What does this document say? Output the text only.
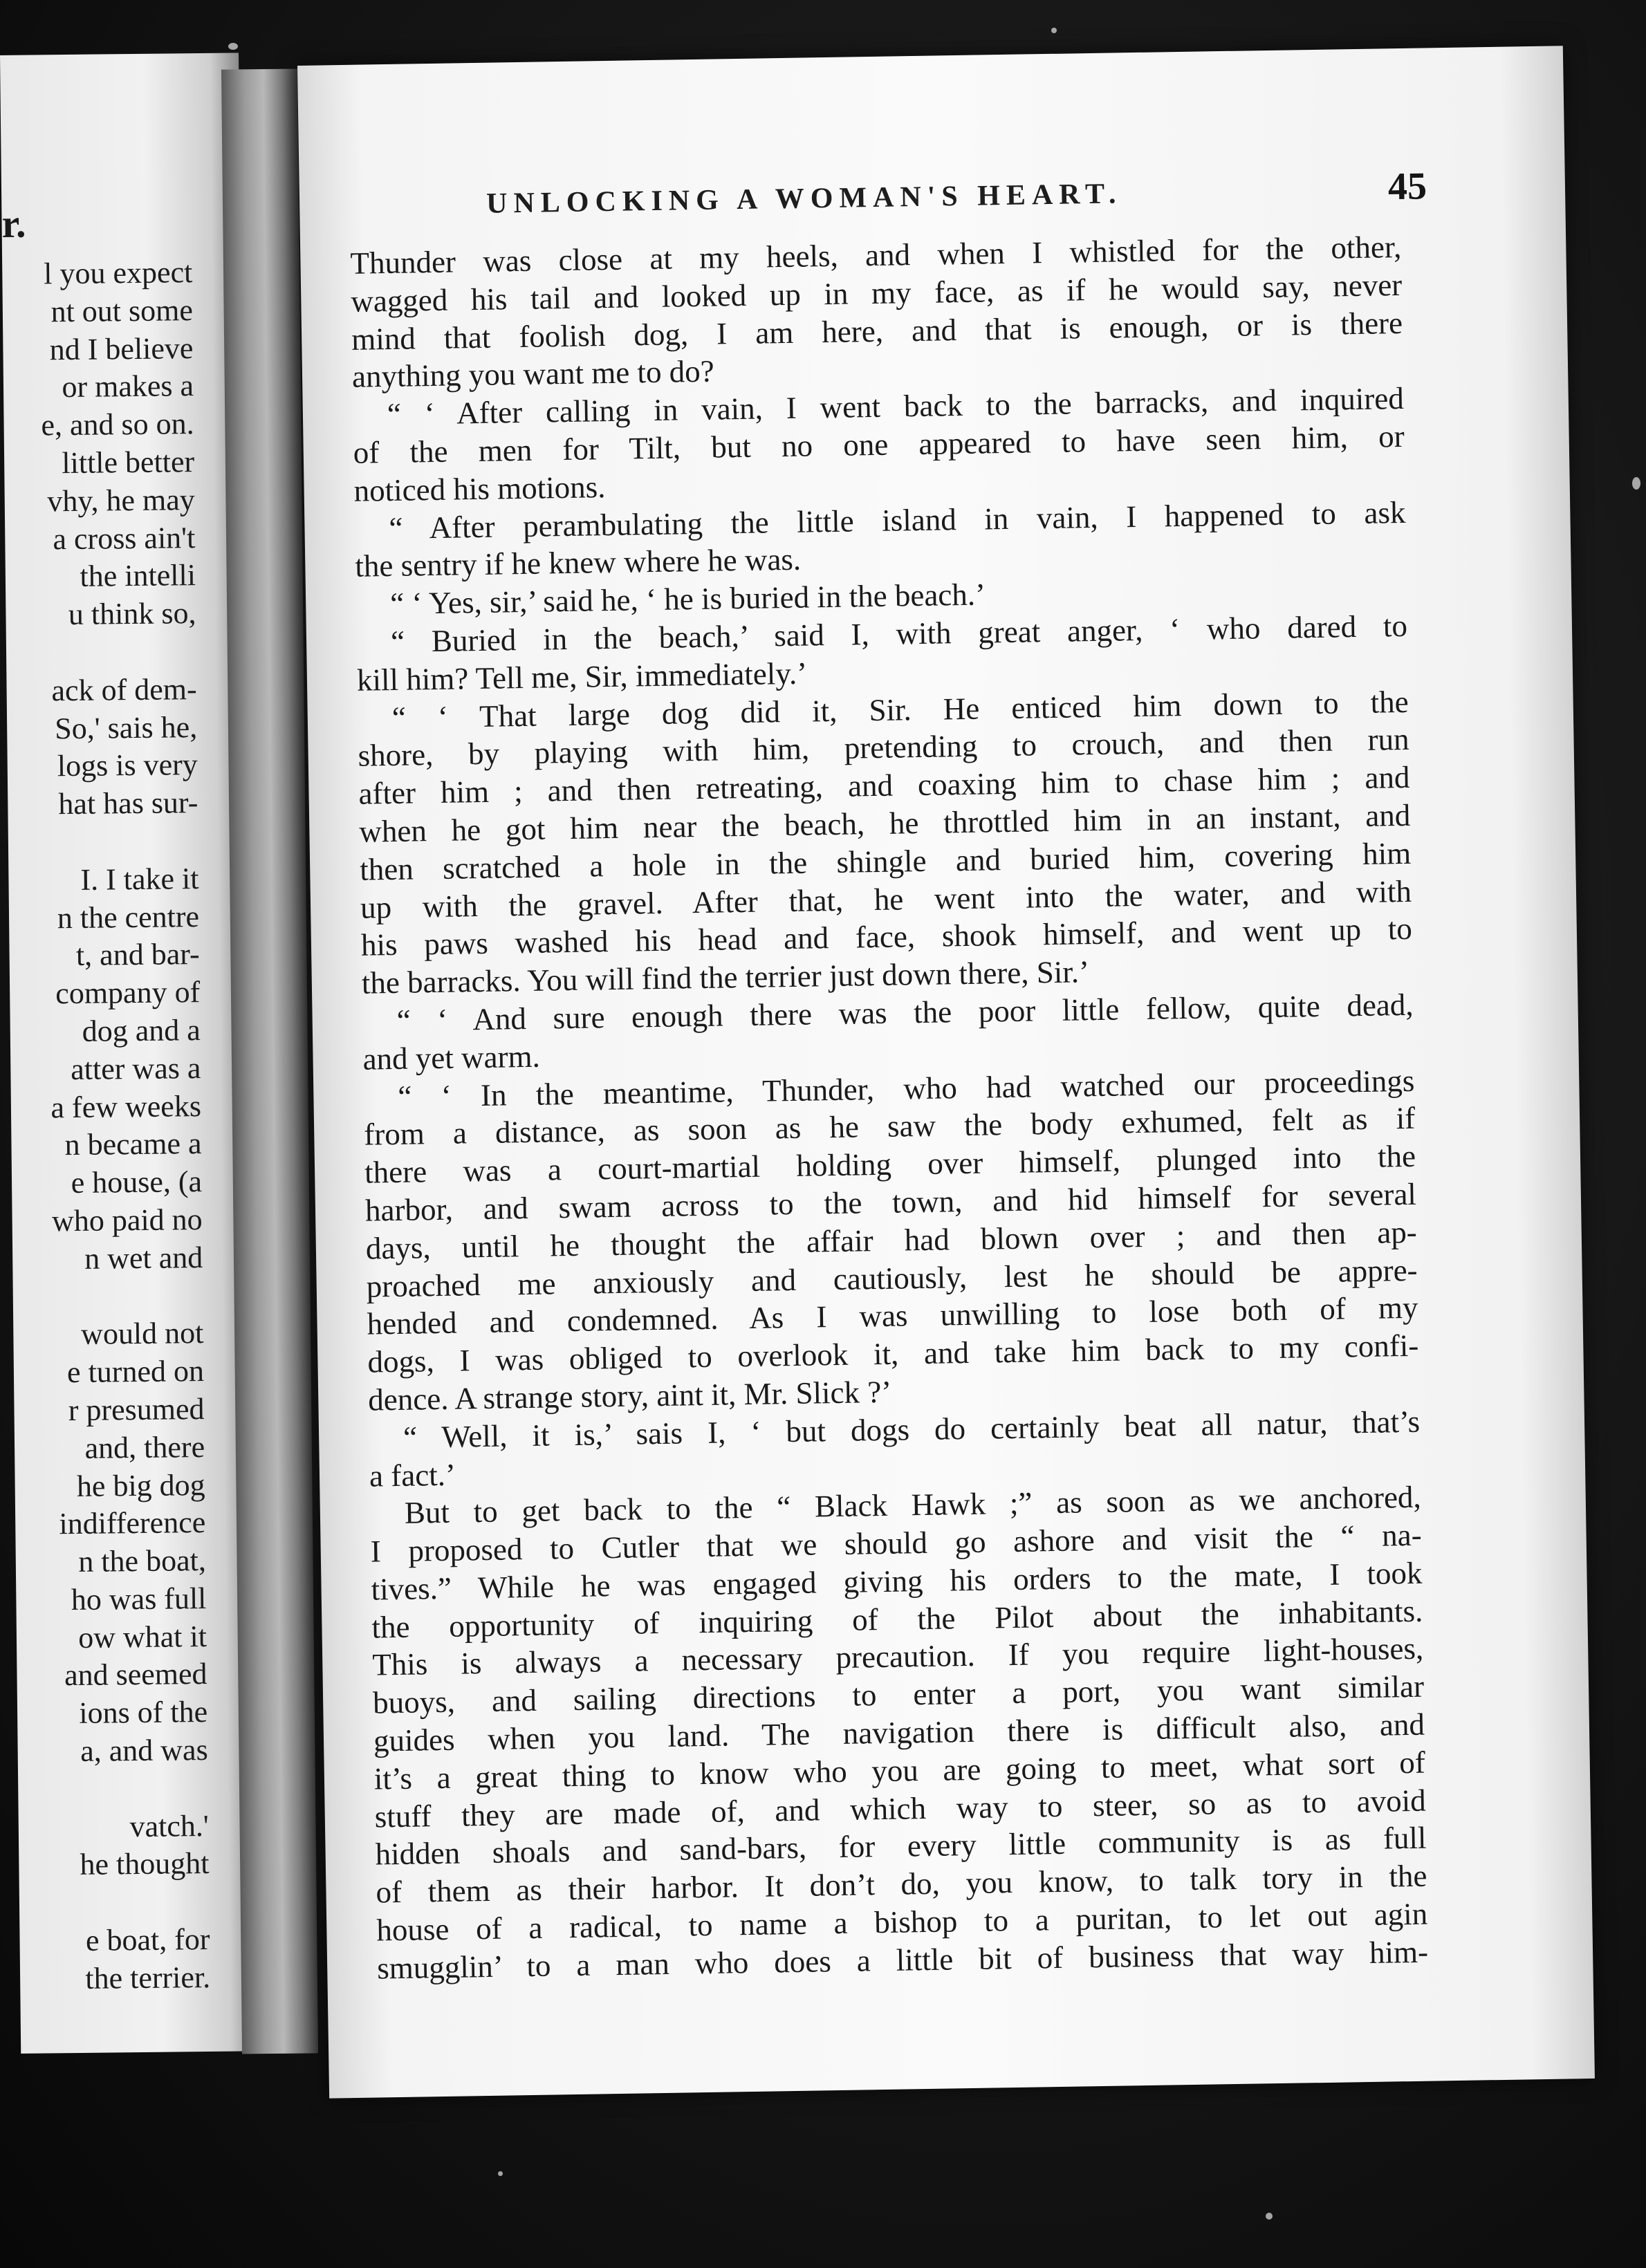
r.
l you expect
nt out some
nd I believe
or makes a
e, and so on.
little better
vhy, he may
a cross ain't
the intelli
u think so,
ack of dem-
So,' sais he,
logs is very
hat has sur-
I. I take it
n the centre
t, and bar-
company of
dog and a
atter was a
a few weeks
n became a
e house, (a
who paid no
n wet and
would not
e turned on
r presumed
and, there
he big dog
indifference
n the boat,
ho was full
ow what it
and seemed
ions of the
a, and was
vatch.'
he thought
e boat, for
the terrier.
UNLOCKING A WOMAN'S HEART.	45
Thunder was close at my heels, and when I whistled for the other,
wagged his tail and looked up in my face, as if he would say, never
mind that foolish dog, I am here, and that is enough, or is there
anything you want me to do?
“ ‘ After calling in vain, I went back to the barracks, and inquired
of the men for Tilt, but no one appeared to have seen him, or
noticed his motions.
“ After perambulating the little island in vain, I happened to ask
the sentry if he knew where he was.
“ ‘ Yes, sir,’ said he, ‘ he is buried in the beach.’
“ Buried in the beach,’ said I, with great anger, ‘ who dared to
kill him? Tell me, Sir, immediately.’
“ ‘ That large dog did it, Sir. He enticed him down to the
shore, by playing with him, pretending to crouch, and then run
after him ; and then retreating, and coaxing him to chase him ; and
when he got him near the beach, he throttled him in an instant, and
then scratched a hole in the shingle and buried him, covering him
up with the gravel. After that, he went into the water, and with
his paws washed his head and face, shook himself, and went up to
the barracks. You will find the terrier just down there, Sir.’
“ ‘ And sure enough there was the poor little fellow, quite dead,
and yet warm.
“ ‘ In the meantime, Thunder, who had watched our proceedings
from a distance, as soon as he saw the body exhumed, felt as if
there was a court-martial holding over himself, plunged into the
harbor, and swam across to the town, and hid himself for several
days, until he thought the affair had blown over ; and then ap-
proached me anxiously and cautiously, lest he should be appre-
hended and condemned. As I was unwilling to lose both of my
dogs, I was obliged to overlook it, and take him back to my confi-
dence. A strange story, aint it, Mr. Slick ?’
“ Well, it is,’ sais I, ‘ but dogs do certainly beat all natur, that’s
a fact.’
But to get back to the “ Black Hawk ;” as soon as we anchored,
I proposed to Cutler that we should go ashore and visit the “ na-
tives.” While he was engaged giving his orders to the mate, I took
the opportunity of inquiring of the Pilot about the inhabitants.
This is always a necessary precaution. If you require light-houses,
buoys, and sailing directions to enter a port, you want similar
guides when you land. The navigation there is difficult also, and
it’s a great thing to know who you are going to meet, what sort of
stuff they are made of, and which way to steer, so as to avoid
hidden shoals and sand-bars, for every little community is as full
of them as their harbor. It don’t do, you know, to talk tory in the
house of a radical, to name a bishop to a puritan, to let out agin
smugglin’ to a man who does a little bit of business that way him-
